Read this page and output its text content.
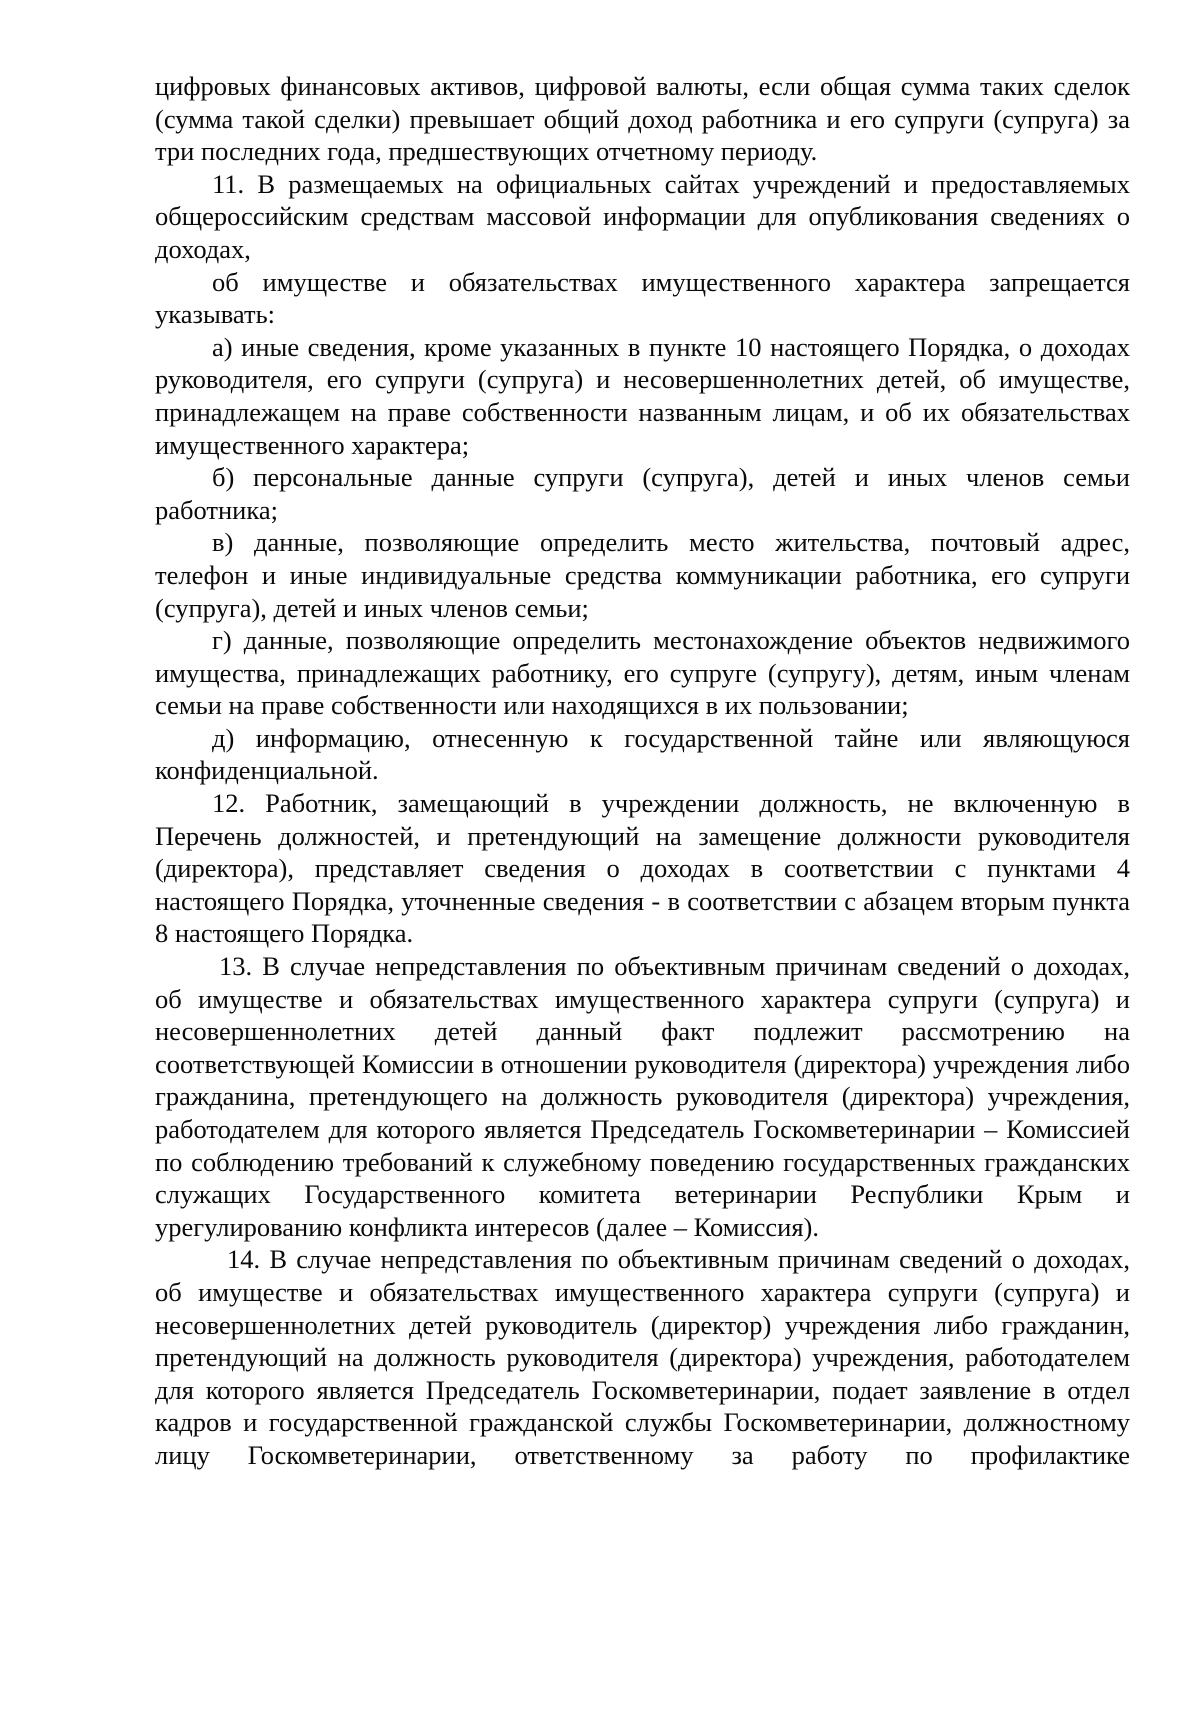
цифровых финансовых активов, цифровой валюты, если общая сумма таких сделок (сумма такой сделки) превышает общий доход работника и его супруги (супруга) за три последних года, предшествующих отчетному периоду.

11. В размещаемых на официальных сайтах учреждений и предоставляемых общероссийским средствам массовой информации для опубликования сведениях о доходах,

об имуществе и обязательствах имущественного характера запрещается указывать:

а) иные сведения, кроме указанных в пункте 10 настоящего Порядка, о доходах руководителя, его супруги (супруга) и несовершеннолетних детей, об имуществе, принадлежащем на праве собственности названным лицам, и об их обязательствах имущественного характера;

б) персональные данные супруги (супруга), детей и иных членов семьи работника;

в) данные, позволяющие определить место жительства, почтовый адрес, телефон и иные индивидуальные средства коммуникации работника, его супруги (супруга), детей и иных членов семьи;

г) данные, позволяющие определить местонахождение объектов недвижимого имущества, принадлежащих работнику, его супруге (супругу), детям, иным членам семьи на праве собственности или находящихся в их пользовании;

д) информацию, отнесенную к государственной тайне или являющуюся конфиденциальной.

12. Работник, замещающий в учреждении должность, не включенную в Перечень должностей, и претендующий на замещение должности руководителя (директора), представляет сведения о доходах в соответствии с пунктами 4 настоящего Порядка, уточненные сведения - в соответствии с абзацем вторым пункта 8 настоящего Порядка.

13. В случае непредставления по объективным причинам сведений о доходах, об имуществе и обязательствах имущественного характера супруги (супруга) и несовершеннолетних детей данный факт подлежит рассмотрению на соответствующей Комиссии в отношении руководителя (директора) учреждения либо гражданина, претендующего на должность руководителя (директора) учреждения, работодателем для которого является Председатель Госкомветеринарии – Комиссией по соблюдению требований к служебному поведению государственных гражданских служащих Государственного комитета ветеринарии Республики Крым и урегулированию конфликта интересов (далее – Комиссия).

14. В случае непредставления по объективным причинам сведений о доходах, об имуществе и обязательствах имущественного характера супруги (супруга) и несовершеннолетних детей руководитель (директор) учреждения либо гражданин, претендующий на должность руководителя (директора) учреждения, работодателем для которого является Председатель Госкомветеринарии, подает заявление в отдел кадров и государственной гражданской службы Госкомветеринарии, должностному лицу Госкомветеринарии, ответственному за работу по профилактике
